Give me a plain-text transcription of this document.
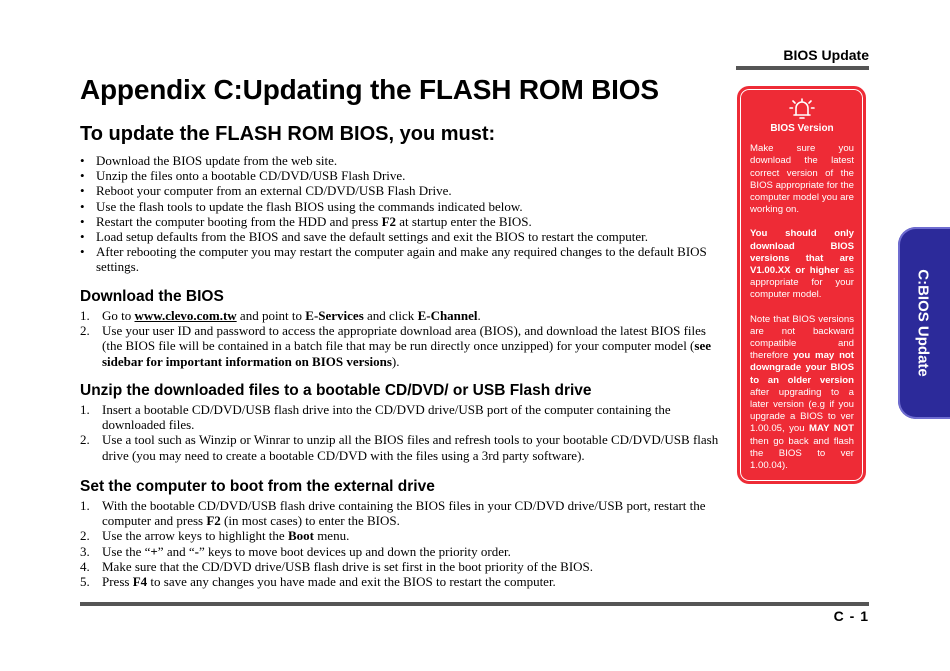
BIOS Update
Appendix C:Updating the FLASH ROM BIOS
To update the FLASH ROM BIOS, you must:
• Download the BIOS update from the web site.
• Unzip the files onto a bootable CD/DVD/USB Flash Drive.
• Reboot your computer from an external CD/DVD/USB Flash Drive.
• Use the flash tools to update the flash BIOS using the commands indicated below.
• Restart the computer booting from the HDD and press F2 at startup enter the BIOS.
• Load setup defaults from the BIOS and save the default settings and exit the BIOS to restart the computer.
• After rebooting the computer you may restart the computer again and make any required changes to the default BIOS settings.
Download the BIOS
1. Go to www.clevo.com.tw and point to E-Services and click E-Channel.
2. Use your user ID and password to access the appropriate download area (BIOS), and download the latest BIOS files (the BIOS file will be contained in a batch file that may be run directly once unzipped) for your computer model (see sidebar for important information on BIOS versions).
Unzip the downloaded files to a bootable CD/DVD/ or USB Flash drive
1. Insert a bootable CD/DVD/USB flash drive into the CD/DVD drive/USB port of the computer containing the downloaded files.
2. Use a tool such as Winzip or Winrar to unzip all the BIOS files and refresh tools to your bootable CD/DVD/USB flash drive (you may need to create a bootable CD/DVD with the files using a 3rd party software).
Set the computer to boot from the external drive
1. With the bootable CD/DVD/USB flash drive containing the BIOS files in your CD/DVD drive/USB port, restart the computer and press F2 (in most cases) to enter the BIOS.
2. Use the arrow keys to highlight the Boot menu.
3. Use the “+” and “-” keys to move boot devices up and down the priority order.
4. Make sure that the CD/DVD drive/USB flash drive is set first in the boot priority of the BIOS.
5. Press F4 to save any changes you have made and exit the BIOS to restart the computer.
C - 1
BIOS Version

Make sure you download the latest correct version of the BIOS appropriate for the computer model you are working on.

You should only download BIOS versions that are V1.00.XX or higher as appropriate for your computer model.

Note that BIOS versions are not backward compatible and therefore you may not downgrade your BIOS to an older version after upgrading to a later version (e.g if you upgrade a BIOS to ver 1.00.05, you MAY NOT then go back and flash the BIOS to ver 1.00.04).

C:BIOS Update
